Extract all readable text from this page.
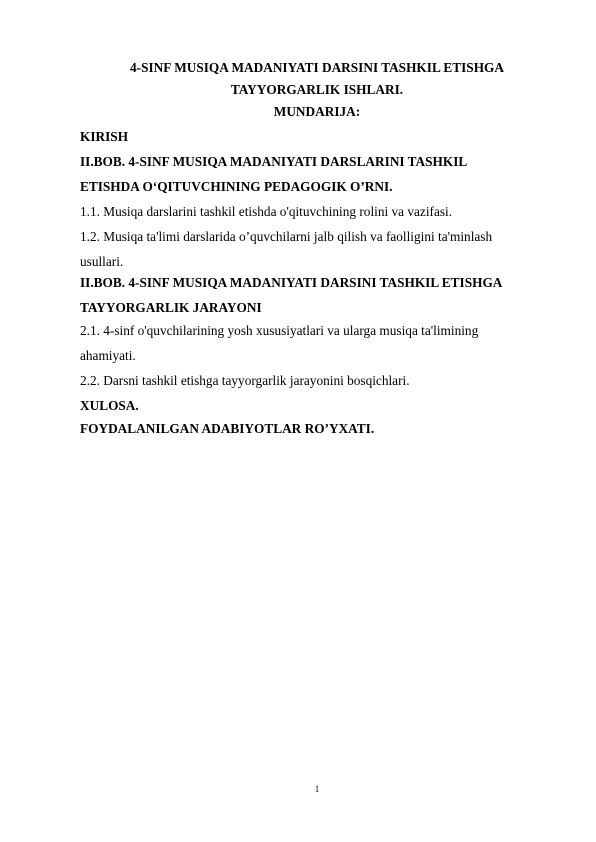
4-SINF MUSIQA MADANIYATI DARSINI TASHKIL ETISHGA
TAYYORGARLIK ISHLARI.
MUNDARIJA:
KIRISH
II.BOB. 4-SINF MUSIQA MADANIYATI DARSLARINI TASHKIL
ETISHDA O‘QITUVCHINING PEDAGOGIK O’RNI.
1.1. Musiqa darslarini tashkil etishda o'qituvchining rolini va vazifasi.
1.2. Musiqa ta'limi darslarida o’quvchilarni jalb qilish va faolligini ta'minlash
usullari.
II.BOB. 4-SINF MUSIQA MADANIYATI DARSINI TASHKIL ETISHGA
TAYYORGARLIK JARAYONI
2.1. 4-sinf o'quvchilarining yosh xususiyatlari va ularga musiqa ta'limining
ahamiyati.
2.2. Darsni tashkil etishga tayyorgarlik jarayonini bosqichlari.
XULOSA.
FOYDALANILGAN ADABIYOTLAR RO’YXATI.
1
